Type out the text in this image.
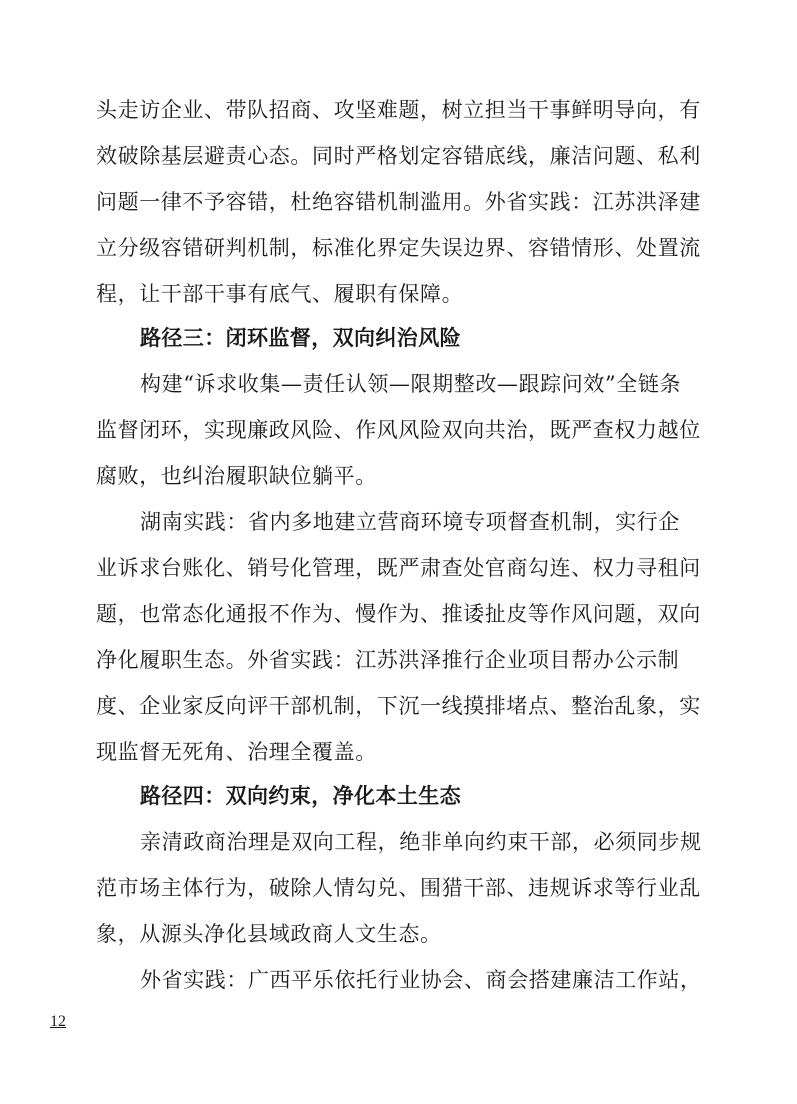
头走访企业、带队招商、攻坚难题，树立担当干事鲜明导向，有
效破除基层避责心态。同时严格划定容错底线，廉洁问题、私利
问题一律不予容错，杜绝容错机制滥用。外省实践：江苏洪泽建
立分级容错研判机制，标准化界定失误边界、容错情形、处置流
程，让干部干事有底气、履职有保障。
路径三：闭环监督，双向纠治风险
构建“诉求收集—责任认领—限期整改—跟踪问效”全链条
监督闭环，实现廉政风险、作风风险双向共治，既严查权力越位
腐败，也纠治履职缺位躺平。
湖南实践：省内多地建立营商环境专项督查机制，实行企
业诉求台账化、销号化管理，既严肃查处官商勾连、权力寻租问
题，也常态化通报不作为、慢作为、推诿扯皮等作风问题，双向
净化履职生态。外省实践：江苏洪泽推行企业项目帮办公示制
度、企业家反向评干部机制，下沉一线摸排堵点、整治乱象，实
现监督无死角、治理全覆盖。
路径四：双向约束，净化本土生态
亲清政商治理是双向工程，绝非单向约束干部，必须同步规
范市场主体行为，破除人情勾兑、围猎干部、违规诉求等行业乱
象，从源头净化县域政商人文生态。
外省实践：广西平乐依托行业协会、商会搭建廉洁工作站，
12
